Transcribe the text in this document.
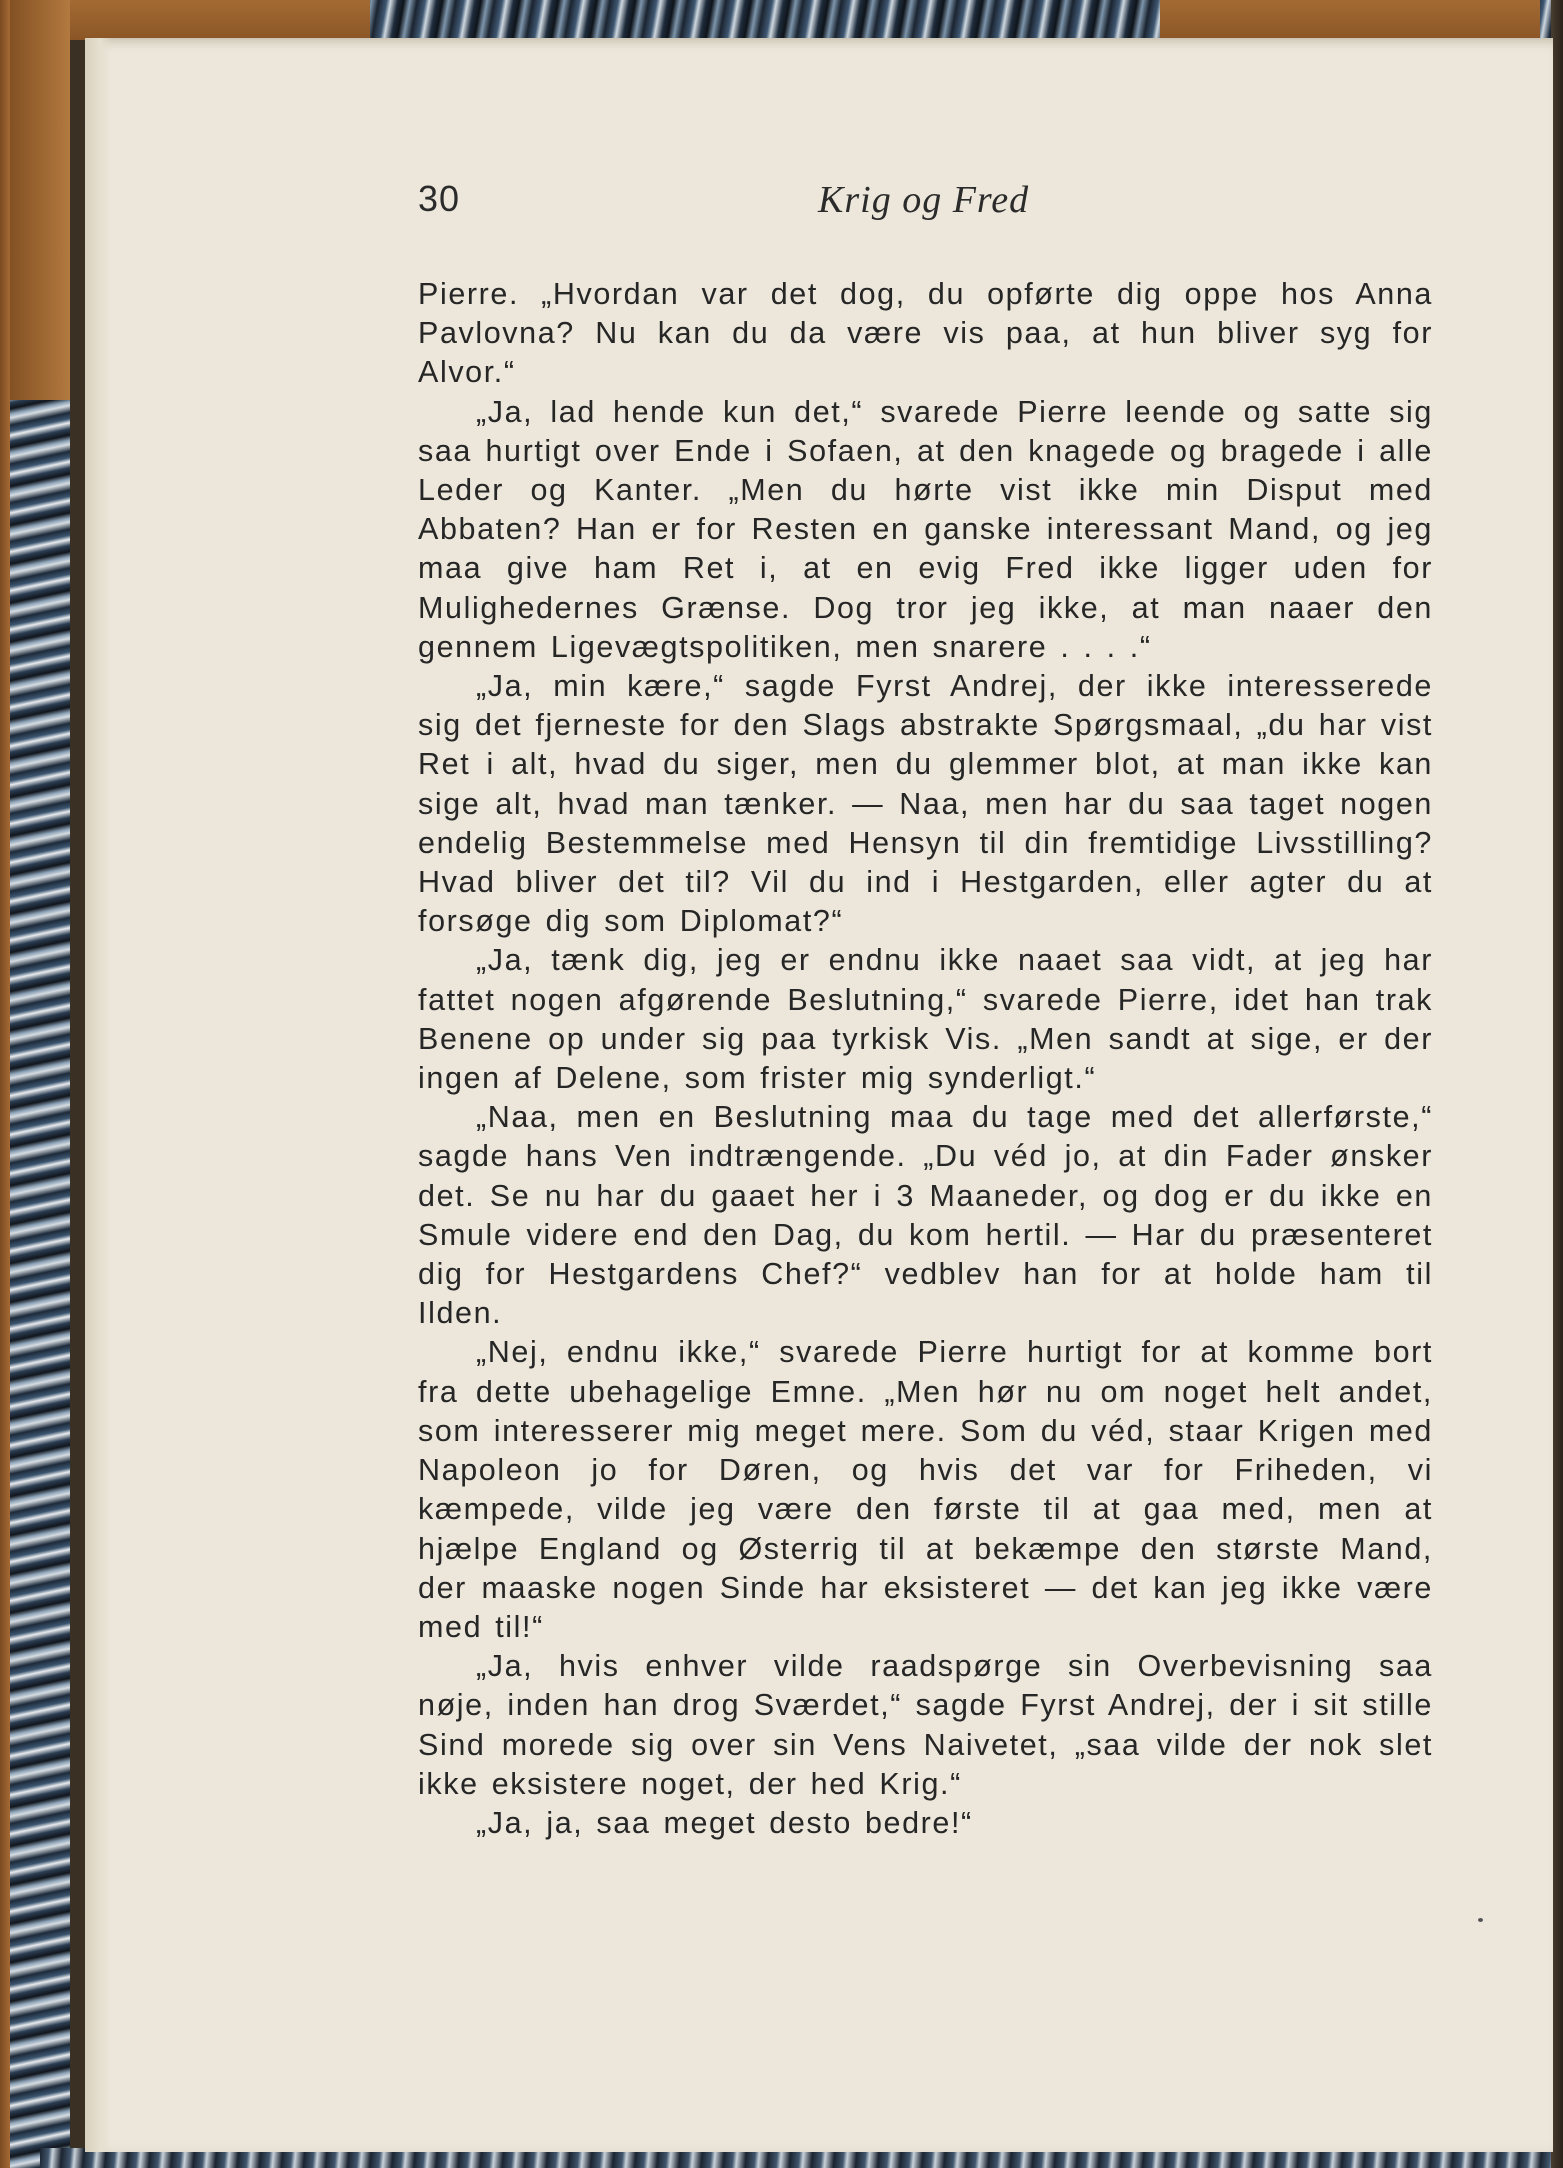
30	Krig og Fred

Pierre. „Hvordan var det dog, du opførte dig oppe hos Anna Pavlovna? Nu kan du da være vis paa, at hun bliver syg for Alvor.“

„Ja, lad hende kun det,“ svarede Pierre leende og satte sig saa hurtigt over Ende i Sofaen, at den knagede og bragede i alle Leder og Kanter. „Men du hørte vist ikke min Disput med Abbaten? Han er for Resten en ganske interessant Mand, og jeg maa give ham Ret i, at en evig Fred ikke ligger uden for Mulighedernes Grænse. Dog tror jeg ikke, at man naaer den gennem Ligevægtspolitiken, men snarere . . . .“

„Ja, min kære,“ sagde Fyrst Andrej, der ikke interesserede sig det fjerneste for den Slags abstrakte Spørgsmaal, „du har vist Ret i alt, hvad du siger, men du glemmer blot, at man ikke kan sige alt, hvad man tænker. — Naa, men har du saa taget nogen endelig Bestemmelse med Hensyn til din fremtidige Livsstilling? Hvad bliver det til? Vil du ind i Hestgarden, eller agter du at forsøge dig som Diplomat?“

„Ja, tænk dig, jeg er endnu ikke naaet saa vidt, at jeg har fattet nogen afgørende Beslutning,“ svarede Pierre, idet han trak Benene op under sig paa tyrkisk Vis. „Men sandt at sige, er der ingen af Delene, som frister mig synderligt.“

„Naa, men en Beslutning maa du tage med det allerførste,“ sagde hans Ven indtrængende. „Du véd jo, at din Fader ønsker det. Se nu har du gaaet her i 3 Maaneder, og dog er du ikke en Smule videre end den Dag, du kom hertil. — Har du præsenteret dig for Hestgardens Chef?“ vedblev han for at holde ham til Ilden.

„Nej, endnu ikke,“ svarede Pierre hurtigt for at komme bort fra dette ubehagelige Emne. „Men hør nu om noget helt andet, som interesserer mig meget mere. Som du véd, staar Krigen med Napoleon jo for Døren, og hvis det var for Friheden, vi kæmpede, vilde jeg være den første til at gaa med, men at hjælpe England og Østerrig til at bekæmpe den største Mand, der maaske nogen Sinde har eksisteret — det kan jeg ikke være med til!“

„Ja, hvis enhver vilde raadspørge sin Overbevisning saa nøje, inden han drog Sværdet,“ sagde Fyrst Andrej, der i sit stille Sind morede sig over sin Vens Naivetet, „saa vilde der nok slet ikke eksistere noget, der hed Krig.“

„Ja, ja, saa meget desto bedre!“
